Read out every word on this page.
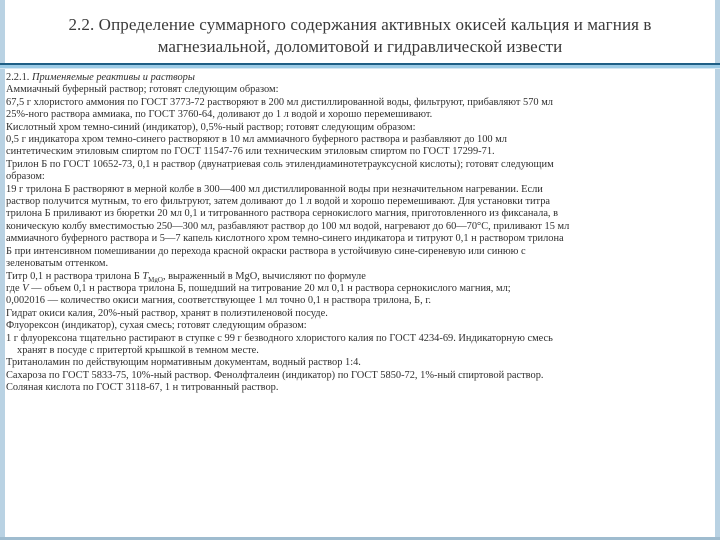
2.2. Определение суммарного содержания активных окисей кальция и магния в
магнезиальной, доломитовой и гидравлической извести
2.2.1. Применяемые реактивы и растворы
Аммиачный буферный раствор; готовят следующим образом:
67,5 г хлористого аммония по ГОСТ 3773-72 растворяют в 200 мл дистиллированной воды, фильтруют, прибавляют 570 мл
25%-ного раствора аммиака, по ГОСТ 3760-64, доливают до 1 л водой и хорошо перемешивают.
Кислотный хром темно-синий (индикатор), 0,5%-ный раствор; готовят следующим образом:
0,5 г индикатора хром темно-синего растворяют в 10 мл аммиачного буферного раствора и разбавляют до 100 мл
синтетическим этиловым спиртом по ГОСТ 11547-76 или техническим этиловым спиртом по ГОСТ 17299-71.
Трилон Б по ГОСТ 10652-73, 0,1 н раствор (двунатриевая соль этилендиаминотетрауксусной кислоты); готовят следующим
образом:
19 г трилона Б растворяют в мерной колбе в 300—400 мл дистиллированной воды при незначительном нагревании. Если
раствор получится мутным, то его фильтруют, затем доливают до 1 л водой и хорошо перемешивают. Для установки титра
трилона Б приливают из бюретки 20 мл 0,1 и титрованного раствора сернокислого магния, приготовленного из фиксанала, в
коническую колбу вместимостью 250—300 мл, разбавляют раствор до 100 мл водой, нагревают до 60—70°С, приливают 15 мл
аммиачного буферного раствора и 5—7 капель кислотного хром темно-синего индикатора и титруют 0,1 н раствором трилона
Б при интенсивном помешивании до перехода красной окраски раствора в устойчивую сине-сиреневую или синюю с
зеленоватым оттенком.
Титр 0,1 н раствора трилона Б $T_{MgO}$, выраженный в MgO, вычисляют по формуле
где V — объем 0,1 н раствора трилона Б, пошедший на титрование 20 мл 0,1 н раствора сернокислого магния, мл;
0,002016 — количество окиси магния, соответствующее 1 мл точно 0,1 н раствора трилона, Б, г.
Гидрат окиси калия, 20%-ный раствор, хранят в полиэтиленовой посуде.
Флуорексон (индикатор), сухая смесь; готовят следующим образом:
1 г флуорексона тщательно растирают в ступке с 99 г безводного хлористого калия по ГОСТ 4234-69. Индикаторную смесь
хранят в посуде с притертой крышкой в темном месте.
Тританоламин по действующим нормативным документам, водный раствор 1:4.
Сахароза по ГОСТ 5833-75, 10%-ный раствор. Фенолфталеин (индикатор) по ГОСТ 5850-72, 1%-ный спиртовой раствор.
Соляная кислота по ГОСТ 3118-67, 1 н титрованный раствор.
